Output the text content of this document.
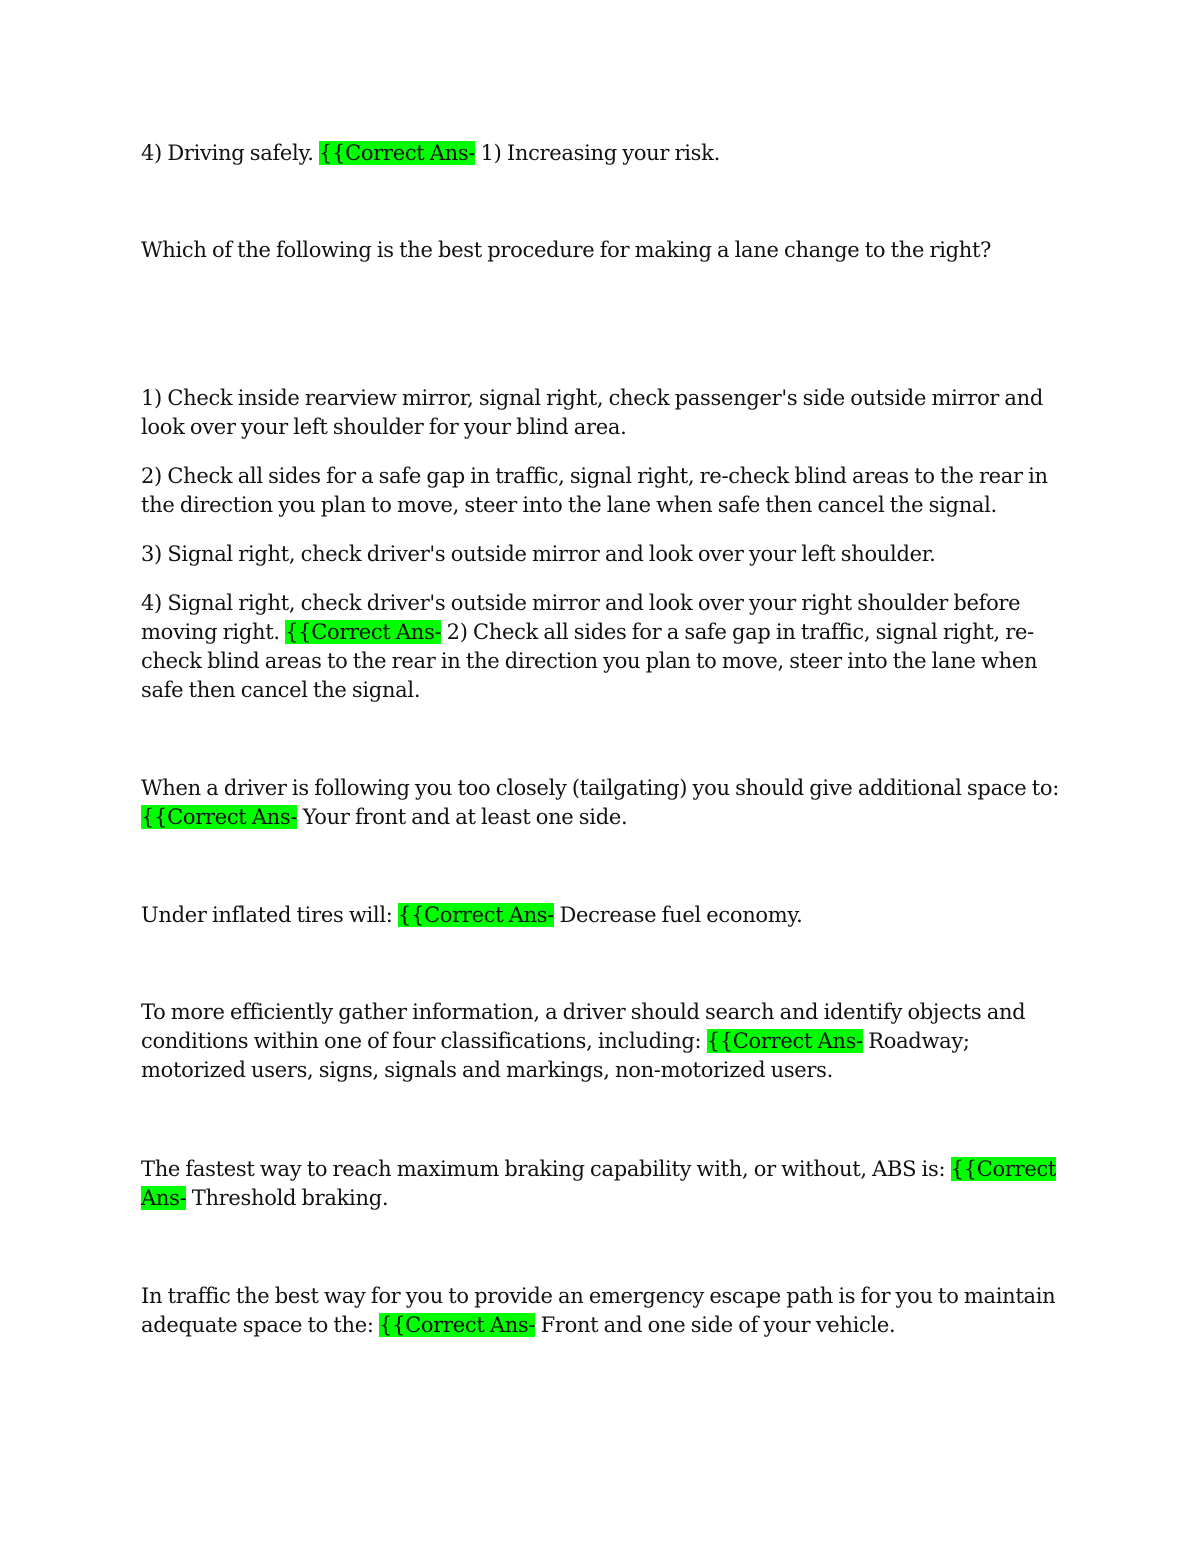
4) Driving safely. {{Correct Ans- 1) Increasing your risk.

Which of the following is the best procedure for making a lane change to the right?

1) Check inside rearview mirror, signal right, check passenger's side outside mirror and look over your left shoulder for your blind area.

2) Check all sides for a safe gap in traffic, signal right, re-check blind areas to the rear in the direction you plan to move, steer into the lane when safe then cancel the signal.

3) Signal right, check driver's outside mirror and look over your left shoulder.

4) Signal right, check driver's outside mirror and look over your right shoulder before moving right. {{Correct Ans- 2) Check all sides for a safe gap in traffic, signal right, re-check blind areas to the rear in the direction you plan to move, steer into the lane when safe then cancel the signal.

When a driver is following you too closely (tailgating) you should give additional space to: {{Correct Ans- Your front and at least one side.

Under inflated tires will: {{Correct Ans- Decrease fuel economy.

To more efficiently gather information, a driver should search and identify objects and conditions within one of four classifications, including: {{Correct Ans- Roadway; motorized users, signs, signals and markings, non-motorized users.

The fastest way to reach maximum braking capability with, or without, ABS is: {{Correct Ans- Threshold braking.

In traffic the best way for you to provide an emergency escape path is for you to maintain adequate space to the: {{Correct Ans- Front and one side of your vehicle.
